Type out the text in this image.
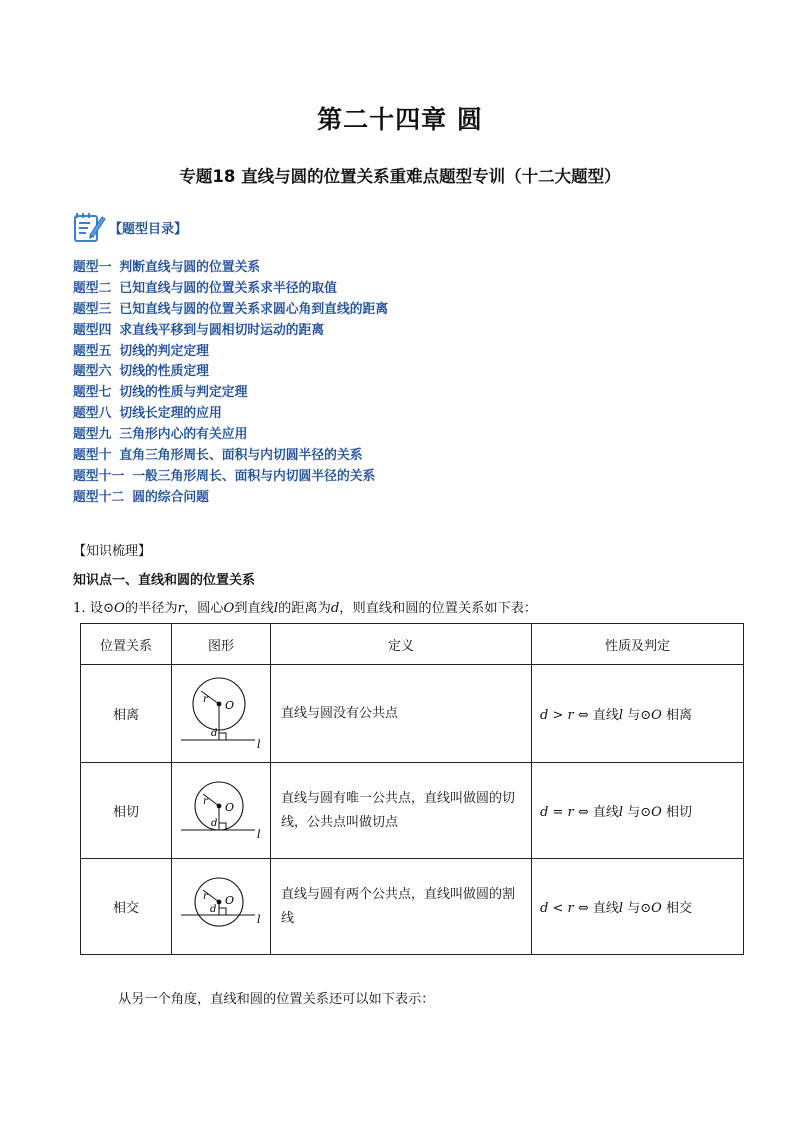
第二十四章 圆
专题18 直线与圆的位置关系重难点题型专训（十二大题型）
【题型目录】
题型一 判断直线与圆的位置关系
题型二 已知直线与圆的位置关系求半径的取值
题型三 已知直线与圆的位置关系求圆心角到直线的距离
题型四 求直线平移到与圆相切时运动的距离
题型五 切线的判定定理
题型六 切线的性质定理
题型七 切线的性质与判定定理
题型八 切线长定理的应用
题型九 三角形内心的有关应用
题型十 直角三角形周长、面积与内切圆半径的关系
题型十一 一般三角形周长、面积与内切圆半径的关系
题型十二 圆的综合问题
【知识梳理】
知识点一、直线和圆的位置关系
1. 设⊙O的半径为r，圆心O到直线l的距离为d，则直线和圆的位置关系如下表：
位置关系	图形	定义	性质及判定
相离	r O
d
l	直线与圆没有公共点	d > r ⇔ 直线l 与⊙O 相离
相切	r O
d
l	直线与圆有唯一公共点，直线叫做圆的切线，公共点叫做切点	d = r ⇔ 直线l 与⊙O 相切
相交	r O
d
l	直线与圆有两个公共点，直线叫做圆的割线	d < r ⇔ 直线l 与⊙O 相交
从另一个角度，直线和圆的位置关系还可以如下表示：
